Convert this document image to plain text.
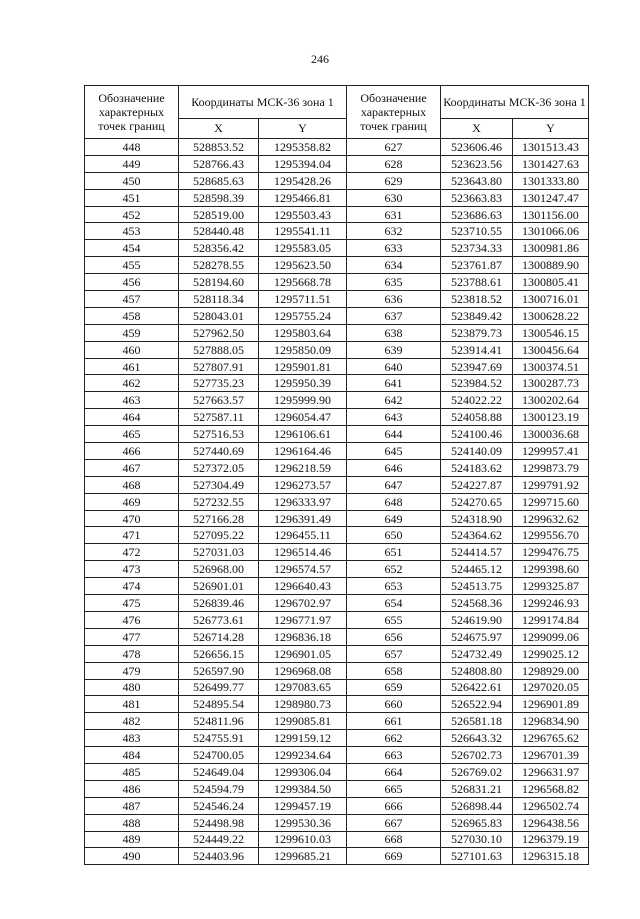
246
Обозначение характерных точек границ	Координаты МСК-36 зона 1		Обозначение характерных точек границ	Координаты МСК-36 зона 1	
	X	Y		X	Y
448	528853.52	1295358.82	627	523606.46	1301513.43
449	528766.43	1295394.04	628	523623.56	1301427.63
450	528685.63	1295428.26	629	523643.80	1301333.80
451	528598.39	1295466.81	630	523663.83	1301247.47
452	528519.00	1295503.43	631	523686.63	1301156.00
453	528440.48	1295541.11	632	523710.55	1301066.06
454	528356.42	1295583.05	633	523734.33	1300981.86
455	528278.55	1295623.50	634	523761.87	1300889.90
456	528194.60	1295668.78	635	523788.61	1300805.41
457	528118.34	1295711.51	636	523818.52	1300716.01
458	528043.01	1295755.24	637	523849.42	1300628.22
459	527962.50	1295803.64	638	523879.73	1300546.15
460	527888.05	1295850.09	639	523914.41	1300456.64
461	527807.91	1295901.81	640	523947.69	1300374.51
462	527735.23	1295950.39	641	523984.52	1300287.73
463	527663.57	1295999.90	642	524022.22	1300202.64
464	527587.11	1296054.47	643	524058.88	1300123.19
465	527516.53	1296106.61	644	524100.46	1300036.68
466	527440.69	1296164.46	645	524140.09	1299957.41
467	527372.05	1296218.59	646	524183.62	1299873.79
468	527304.49	1296273.57	647	524227.87	1299791.92
469	527232.55	1296333.97	648	524270.65	1299715.60
470	527166.28	1296391.49	649	524318.90	1299632.62
471	527095.22	1296455.11	650	524364.62	1299556.70
472	527031.03	1296514.46	651	524414.57	1299476.75
473	526968.00	1296574.57	652	524465.12	1299398.60
474	526901.01	1296640.43	653	524513.75	1299325.87
475	526839.46	1296702.97	654	524568.36	1299246.93
476	526773.61	1296771.97	655	524619.90	1299174.84
477	526714.28	1296836.18	656	524675.97	1299099.06
478	526656.15	1296901.05	657	524732.49	1299025.12
479	526597.90	1296968.08	658	524808.80	1298929.00
480	526499.77	1297083.65	659	526422.61	1297020.05
481	524895.54	1298980.73	660	526522.94	1296901.89
482	524811.96	1299085.81	661	526581.18	1296834.90
483	524755.91	1299159.12	662	526643.32	1296765.62
484	524700.05	1299234.64	663	526702.73	1296701.39
485	524649.04	1299306.04	664	526769.02	1296631.97
486	524594.79	1299384.50	665	526831.21	1296568.82
487	524546.24	1299457.19	666	526898.44	1296502.74
488	524498.98	1299530.36	667	526965.83	1296438.56
489	524449.22	1299610.03	668	527030.10	1296379.19
490	524403.96	1299685.21	669	527101.63	1296315.18
